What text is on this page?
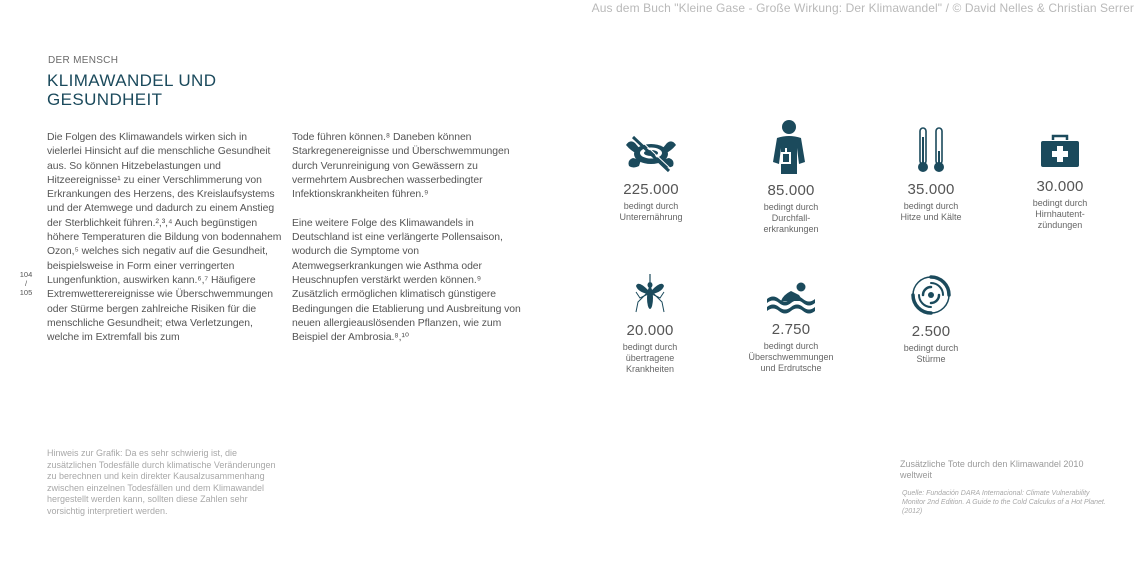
Aus dem Buch "Kleine Gase - Große Wirkung: Der Klimawandel" / © David Nelles & Christian Serrer
DER MENSCH
KLIMAWANDEL UND GESUNDHEIT
104
/
105

Die Folgen des Klimawandels wirken sich in vielerlei Hinsicht auf die menschliche Gesundheit aus. So können Hitzebelastungen und Hitzeereignisse¹ zu einer Verschlimmerung von Erkrankungen des Herzens, des Kreislaufsystems und der Atemwege und dadurch zu einem Anstieg der Sterblichkeit führen.²,³,⁴ Auch begünstigen höhere Temperaturen die Bildung von bodennahem Ozon,⁵ welches sich negativ auf die Gesundheit, beispielsweise in Form einer verringerten Lungenfunktion, auswirken kann.⁶,⁷ Häufigere Extremwetterereignisse wie Überschwemmungen oder Stürme bergen zahlreiche Risiken für die menschliche Gesundheit; etwa Verletzungen, welche im Extremfall bis zum

Tode führen können.⁸ Daneben können Starkregenereignisse und Überschwemmungen durch Verunreinigung von Gewässern zu vermehrtem Ausbrechen wasserbedingter Infektionskrankheiten führen.⁹

Eine weitere Folge des Klimawandels in Deutschland ist eine verlängerte Pollensaison, wodurch die Symptome von Atemwegserkrankungen wie Asthma oder Heuschnupfen verstärkt werden können.⁹ Zusätzlich ermöglichen klimatisch günstigere Bedingungen die Etablierung und Ausbreitung von neuen allergieauslösenden Pflanzen, wie zum Beispiel der Ambrosia.⁸,¹⁰

Hinweis zur Grafik: Da es sehr schwierig ist, die zusätzlichen Todesfälle durch klimatische Veränderungen zu berechnen und kein direkter Kausalzusammenhang zwischen einzelnen Todesfällen und dem Klimawandel hergestellt werden kann, sollten diese Zahlen sehr vorsichtig interpretiert werden.
225.000
bedingt durch
Unterernährung
85.000
bedingt durch
Durchfall-
erkrankungen
35.000
bedingt durch
Hitze und Kälte
30.000
bedingt durch
Hirnhautent-
zündungen
20.000
bedingt durch
übertragene
Krankheiten
2.750
bedingt durch
Überschwemmungen
und Erdrutsche
2.500
bedingt durch
Stürme
Zusätzliche Tote durch den Klimawandel 2010 weltweit
Quelle: Fundación DARA Internacional: Climate Vulnerability Monitor 2nd Edition. A Guide to the Cold Calculus of a Hot Planet. (2012)
